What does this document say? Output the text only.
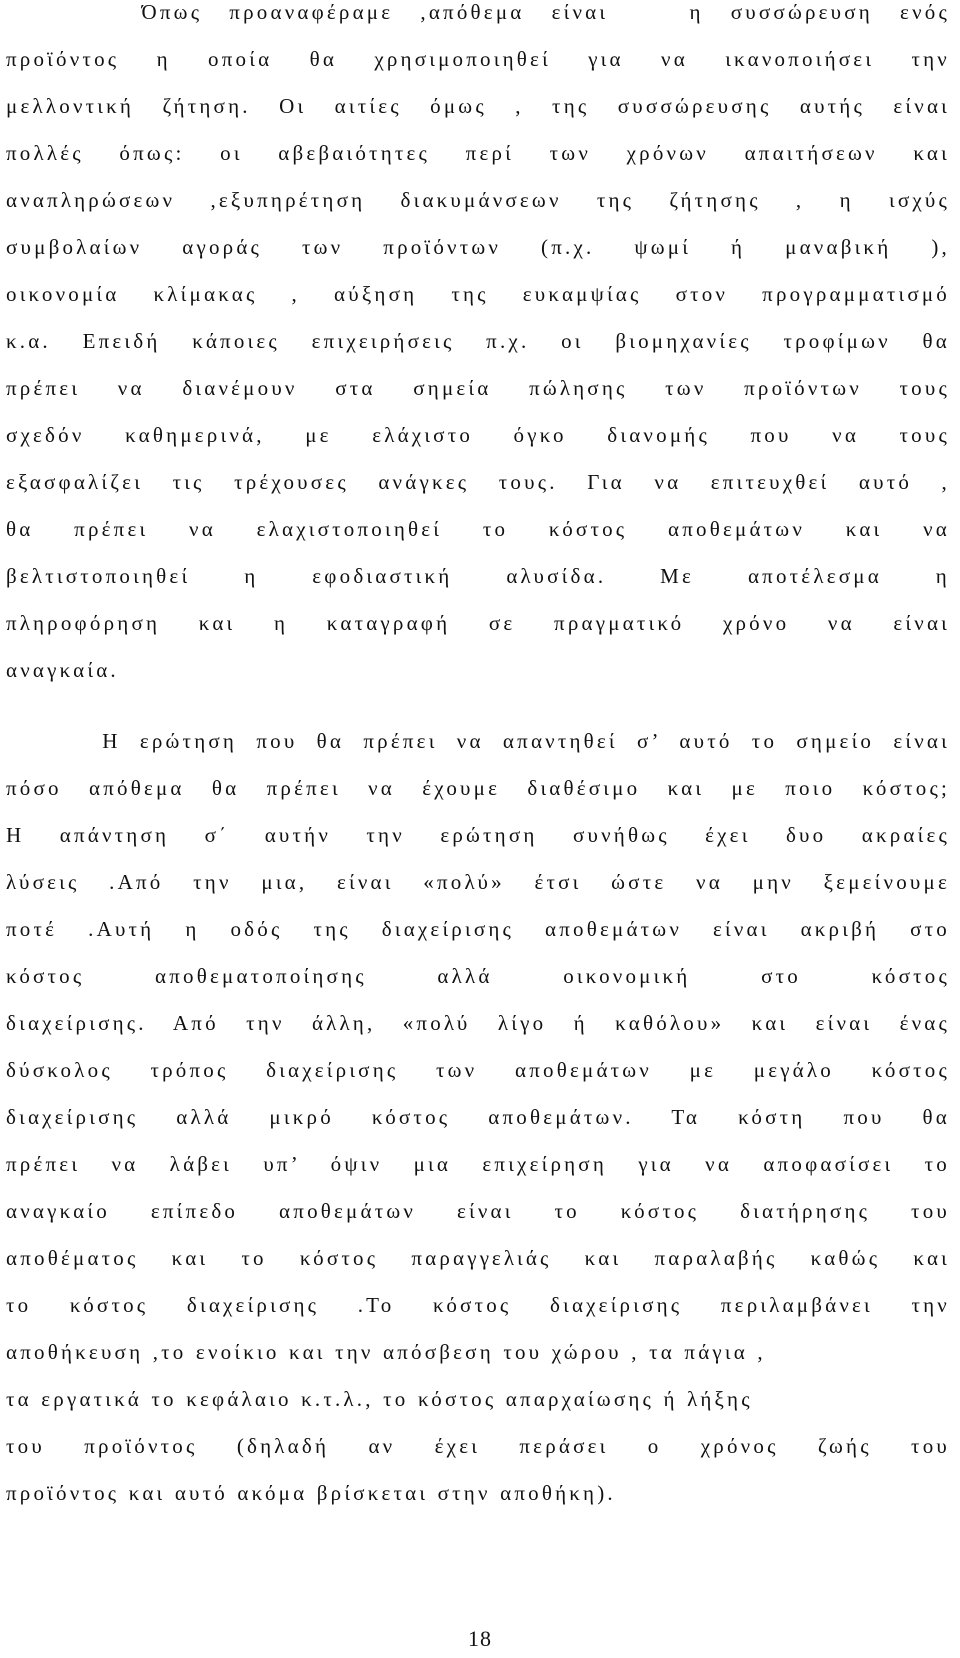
Όπως προαναφέραμε ,απόθεμα είναι   η συσσώρευση ενός
προϊόντος η οποία θα χρησιμοποιηθεί για να ικανοποιήσει την
μελλοντική ζήτηση. Οι αιτίες όμως , της συσσώρευσης αυτής είναι
πολλές όπως: οι αβεβαιότητες περί των χρόνων απαιτήσεων και
αναπληρώσεων ,εξυπηρέτηση διακυμάνσεων της ζήτησης , η ισχύς
συμβολαίων αγοράς των προϊόντων (π.χ. ψωμί ή μαναβική ),
οικονομία κλίμακας , αύξηση της ευκαμψίας στον προγραμματισμό
κ.α. Επειδή κάποιες επιχειρήσεις π.χ. οι βιομηχανίες τροφίμων θα
πρέπει να διανέμουν στα σημεία πώλησης των προϊόντων τους
σχεδόν καθημερινά, με ελάχιστο όγκο διανομής που να τους
εξασφαλίζει τις τρέχουσες ανάγκες τους. Για να επιτευχθεί αυτό ,
θα πρέπει να ελαχιστοποιηθεί το κόστος αποθεμάτων και να
βελτιστοποιηθεί η εφοδιαστική αλυσίδα. Με αποτέλεσμα η
πληροφόρηση και η καταγραφή σε πραγματικό χρόνο να είναι
αναγκαία.
Η ερώτηση που θα πρέπει να απαντηθεί σ’ αυτό το σημείο είναι
πόσο απόθεμα θα πρέπει να έχουμε διαθέσιμο και με ποιο κόστος;
Η απάντηση σ΄ αυτήν την ερώτηση συνήθως έχει δυο ακραίες
λύσεις .Από την μια, είναι «πολύ» έτσι ώστε να μην ξεμείνουμε
ποτέ .Αυτή η οδός της διαχείρισης αποθεμάτων είναι ακριβή στο
κόστος αποθεματοποίησης αλλά οικονομική στο κόστος
διαχείρισης. Από την άλλη, «πολύ λίγο ή καθόλου» και είναι ένας
δύσκολος τρόπος διαχείρισης των αποθεμάτων με μεγάλο κόστος
διαχείρισης αλλά μικρό κόστος αποθεμάτων. Τα κόστη που θα
πρέπει να λάβει υπ’ όψιν μια επιχείρηση για να αποφασίσει το
αναγκαίο επίπεδο αποθεμάτων είναι το κόστος διατήρησης του
αποθέματος και το κόστος παραγγελιάς και παραλαβής καθώς και
το κόστος διαχείρισης .Το κόστος διαχείρισης περιλαμβάνει την
αποθήκευση ,το ενοίκιο και την απόσβεση του χώρου , τα πάγια ,
τα εργατικά το κεφάλαιο κ.τ.λ., το κόστος απαρχαίωσης ή λήξης
του προϊόντος (δηλαδή αν έχει περάσει ο χρόνος ζωής του
προϊόντος και αυτό ακόμα βρίσκεται στην αποθήκη).
18
